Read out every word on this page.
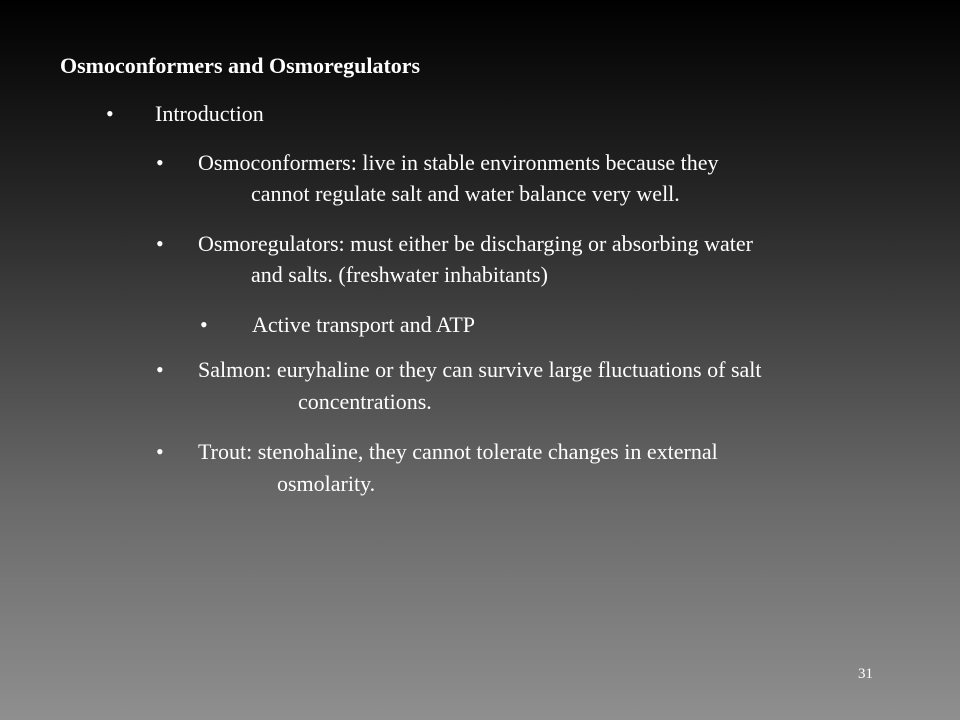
Osmoconformers and Osmoregulators
• Introduction
• Osmoconformers: live in stable environments because they
cannot regulate salt and water balance very well.
• Osmoregulators: must either be discharging or absorbing water
and salts. (freshwater inhabitants)
• Active transport and ATP
• Salmon: euryhaline or they can survive large fluctuations of salt
concentrations.
• Trout: stenohaline, they cannot tolerate changes in external
osmolarity.
31
